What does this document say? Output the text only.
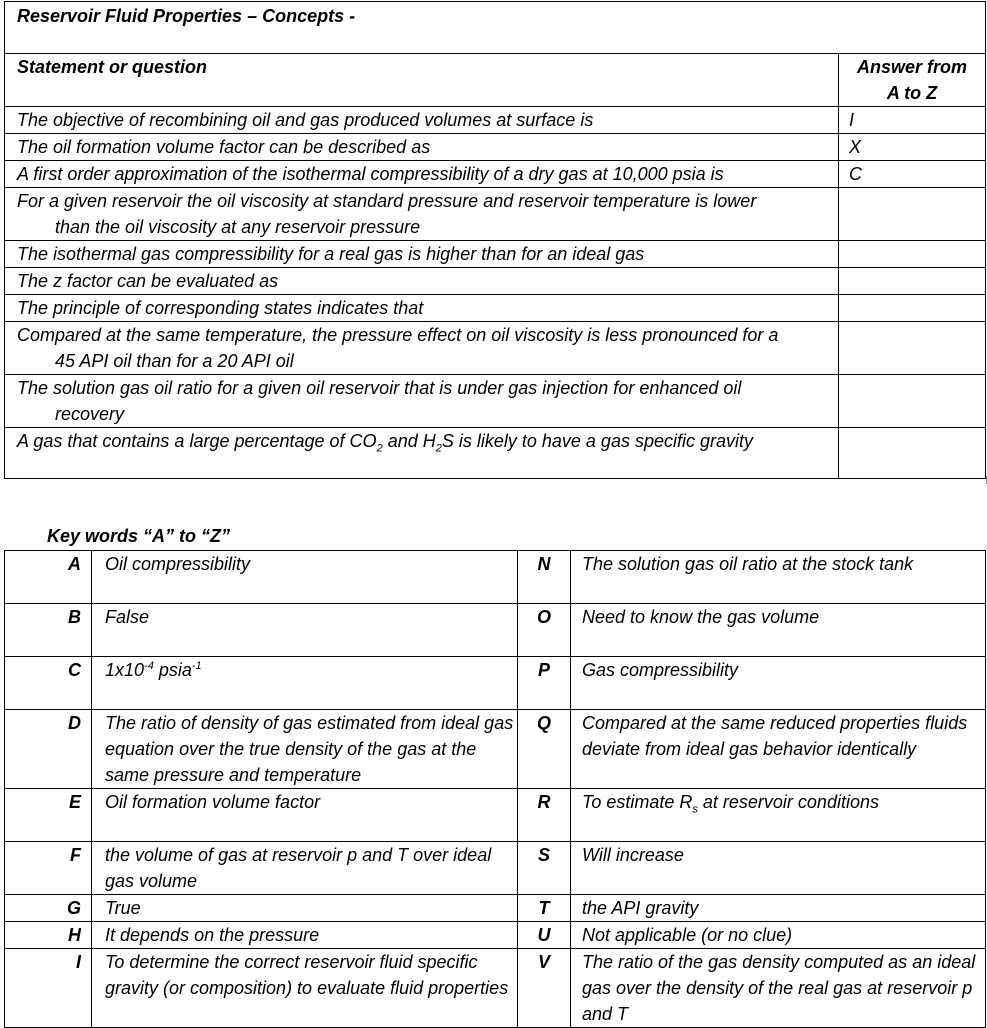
Reservoir Fluid Properties – Concepts -	
Statement or question	Answer from
A to Z
The objective of recombining oil and gas produced volumes at surface is	I
The oil formation volume factor can be described as	X
A first order approximation of the isothermal compressibility of a dry gas at 10,000 psia is	C
For a given reservoir the oil viscosity at standard pressure and reservoir temperature is lower
than the oil viscosity at any reservoir pressure	
The isothermal gas compressibility for a real gas is higher than for an ideal gas	
The z factor can be evaluated as	
The principle of corresponding states indicates that	
Compared at the same temperature, the pressure effect on oil viscosity is less pronounced for a
45 API oil than for a 20 API oil	
The solution gas oil ratio for a given oil reservoir that is under gas injection for enhanced oil
recovery	
A gas that contains a large percentage of $CO_2$ and $H_2S$ is likely to have a gas specific gravity	
Key words “A” to “Z”
A	Oil compressibility	N	The solution gas oil ratio at the stock tank
B	False	O	Need to know the gas volume
C	$1x10^{-4}$ psia$^{-1}$	P	Gas compressibility
D	The ratio of density of gas estimated from ideal gas equation over the true density of the gas at the same pressure and temperature	Q	Compared at the same reduced properties fluids deviate from ideal gas behavior identically
E	Oil formation volume factor	R	To estimate $R_s$ at reservoir conditions
F	the volume of gas at reservoir p and T over ideal gas volume	S	Will increase
G	True	T	the API gravity
H	It depends on the pressure	U	Not applicable (or no clue)
I	To determine the correct reservoir fluid specific gravity (or composition) to evaluate fluid properties	V	The ratio of the gas density computed as an ideal gas over the density of the real gas at reservoir p and T
